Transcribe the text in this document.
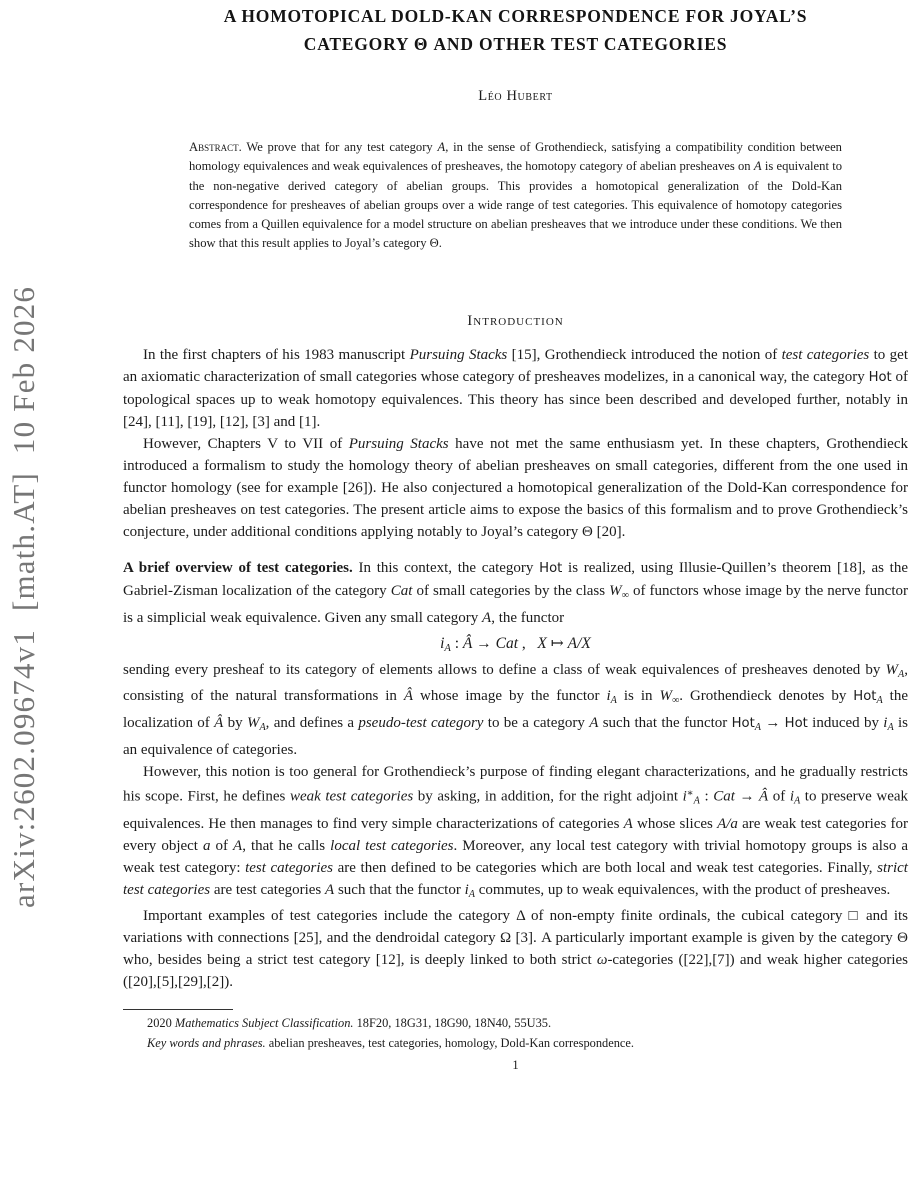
arXiv:2602.09674v1  [math.AT]  10 Feb 2026
A HOMOTOPICAL DOLD-KAN CORRESPONDENCE FOR JOYAL’S
CATEGORY Θ AND OTHER TEST CATEGORIES
Léo Hubert
Abstract. We prove that for any test category A, in the sense of Grothendieck, satisfying a compatibility condition between homology equivalences and weak equivalences of presheaves, the homotopy category of abelian presheaves on A is equivalent to the non-negative derived category of abelian groups. This provides a homotopical generalization of the Dold-Kan correspondence for presheaves of abelian groups over a wide range of test categories. This equivalence of homotopy categories comes from a Quillen equivalence for a model structure on abelian presheaves that we introduce under these conditions. We then show that this result applies to Joyal’s category Θ.
Introduction

In the first chapters of his 1983 manuscript Pursuing Stacks [15], Grothendieck introduced the notion of test categories to get an axiomatic characterization of small categories whose category of presheaves modelizes, in a canonical way, the category Hot of topological spaces up to weak homotopy equivalences. This theory has since been described and developed further, notably in [24], [11], [19], [12], [3] and [1].

However, Chapters V to VII of Pursuing Stacks have not met the same enthusiasm yet. In these chapters, Grothendieck introduced a formalism to study the homology theory of abelian presheaves on small categories, different from the one used in functor homology (see for example [26]). He also conjectured a homotopical generalization of the Dold-Kan correspondence for abelian presheaves on test categories. The present article aims to expose the basics of this formalism and to prove Grothendieck’s conjecture, under additional conditions applying notably to Joyal’s category Θ [20].

A brief overview of test categories. In this context, the category Hot is realized, using Illusie-Quillen’s theorem [18], as the Gabriel-Zisman localization of the category Cat of small categories by the class $W_\infty$ of functors whose image by the nerve functor is a simplicial weak equivalence. Given any small category A, the functor

$i_A$ : Â → Cat ,   X ↦ A/X

sending every presheaf to its category of elements allows to define a class of weak equivalences of presheaves denoted by $W_A$, consisting of the natural transformations in Â whose image by the functor $i_A$ is in $W_\infty$. Grothendieck denotes by Hot$_A$ the localization of Â by $W_A$, and defines a pseudo-test category to be a category A such that the functor Hot$_A$ → Hot induced by $i_A$ is an equivalence of categories.

However, this notion is too general for Grothendieck’s purpose of finding elegant characterizations, and he gradually restricts his scope. First, he defines weak test categories by asking, in addition, for the right adjoint $i^∗_A$ : Cat → Â of $i_A$ to preserve weak equivalences. He then manages to find very simple characterizations of categories A whose slices A/a are weak test categories for every object a of A, that he calls local test categories. Moreover, any local test category with trivial homotopy groups is also a weak test category: test categories are then defined to be categories which are both local and weak test categories. Finally, strict test categories are test categories A such that the functor $i_A$ commutes, up to weak equivalences, with the product of presheaves.

Important examples of test categories include the category Δ of non-empty finite ordinals, the cubical category □ and its variations with connections [25], and the dendroidal category Ω [3]. A particularly important example is given by the category Θ who, besides being a strict test category [12], is deeply linked to both strict ω-categories ([22],[7]) and weak higher categories ([20],[5],[29],[2]).

2020 Mathematics Subject Classification. 18F20, 18G31, 18G90, 18N40, 55U35.

Key words and phrases. abelian presheaves, test categories, homology, Dold-Kan correspondence.

1
